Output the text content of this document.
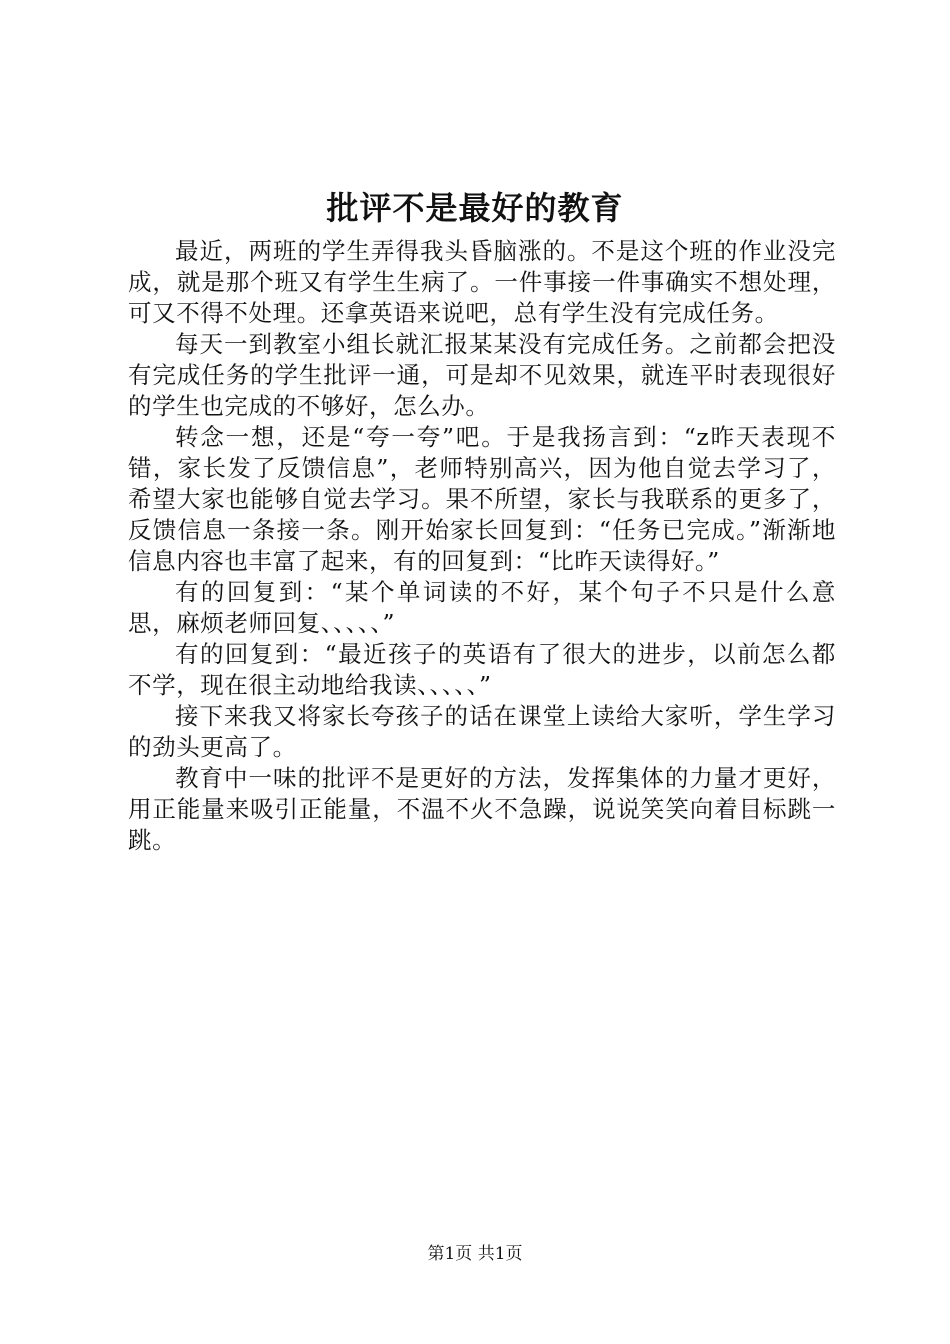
批评不是最好的教育

最近，两班的学生弄得我头昏脑涨的。不是这个班的作业没完成，就是那个班又有学生生病了。一件事接一件事确实不想处理，可又不得不处理。还拿英语来说吧，总有学生没有完成任务。

每天一到教室小组长就汇报某某没有完成任务。之前都会把没有完成任务的学生批评一通，可是却不见效果，就连平时表现很好的学生也完成的不够好，怎么办。

转念一想，还是“夸一夸”吧。于是我扬言到：“z昨天表现不错，家长发了反馈信息”，老师特别高兴，因为他自觉去学习了，希望大家也能够自觉去学习。果不所望，家长与我联系的更多了，反馈信息一条接一条。刚开始家长回复到：“任务已完成。”渐渐地信息内容也丰富了起来，有的回复到：“比昨天读得好。”

有的回复到：“某个单词读的不好，某个句子不只是什么意思，麻烦老师回复、、、、、”

有的回复到：“最近孩子的英语有了很大的进步，以前怎么都不学，现在很主动地给我读、、、、、”

接下来我又将家长夸孩子的话在课堂上读给大家听，学生学习的劲头更高了。

教育中一味的批评不是更好的方法，发挥集体的力量才更好，用正能量来吸引正能量，不温不火不急躁，说说笑笑向着目标跳一跳。

第1页 共1页
